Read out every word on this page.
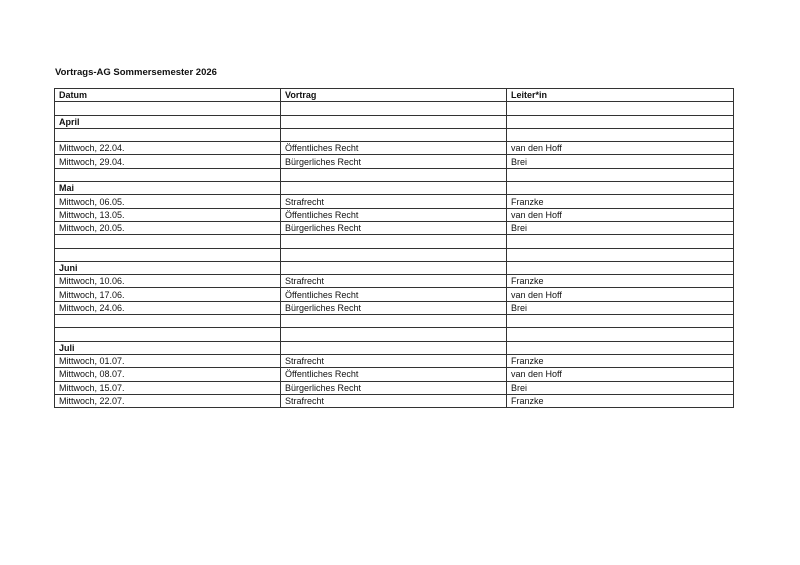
Vortrags-AG Sommersemester 2026
Datum	Vortrag	Leiter*in

April		

Mittwoch, 22.04.	Öffentliches Recht	van den Hoff
Mittwoch, 29.04.	Bürgerliches Recht	Brei

Mai		
Mittwoch, 06.05.	Strafrecht	Franzke
Mittwoch, 13.05.	Öffentliches Recht	van den Hoff
Mittwoch, 20.05.	Bürgerliches Recht	Brei

Juni		
Mittwoch, 10.06.	Strafrecht	Franzke
Mittwoch, 17.06.	Öffentliches Recht	van den Hoff
Mittwoch, 24.06.	Bürgerliches Recht	Brei

Juli		
Mittwoch, 01.07.	Strafrecht	Franzke
Mittwoch, 08.07.	Öffentliches Recht	van den Hoff
Mittwoch, 15.07.	Bürgerliches Recht	Brei
Mittwoch, 22.07.	Strafrecht	Franzke
